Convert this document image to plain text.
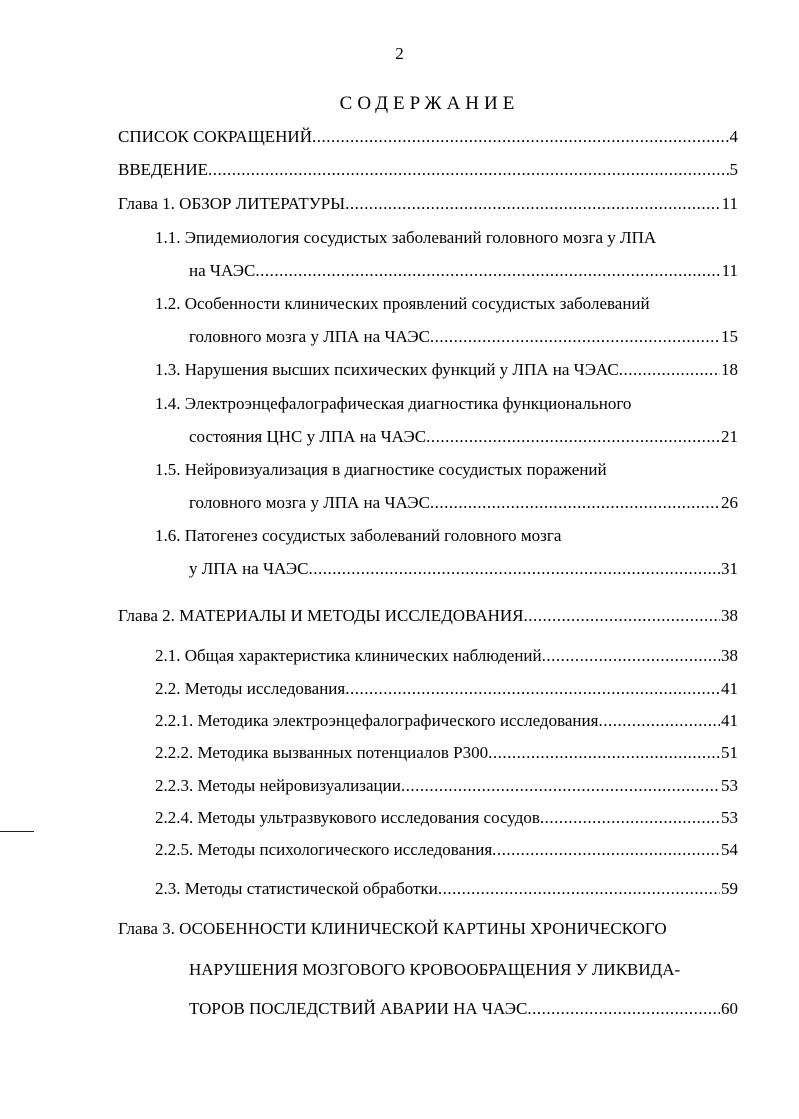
2
СОДЕРЖАНИЕ
СПИСОК СОКРАЩЕНИЙ .....	4
ВВЕДЕНИЕ .....	5
Глава 1. ОБЗОР ЛИТЕРАТУРЫ .....	11
1.1. Эпидемиология сосудистых заболеваний головного мозга у ЛПА
на ЧАЭС .....	11
1.2. Особенности клинических проявлений сосудистых заболеваний
головного мозга у ЛПА на ЧАЭС .....	15
1.3. Нарушения высших психических функций у ЛПА на ЧЭАС .....	18
1.4. Электроэнцефалографическая диагностика функционального
состояния ЦНС у ЛПА на ЧАЭС .....	21
1.5. Нейровизуализация в диагностике сосудистых поражений
головного мозга у ЛПА на ЧАЭС .....	26
1.6. Патогенез сосудистых заболеваний головного мозга
у ЛПА на ЧАЭС .....	31
Глава 2. МАТЕРИАЛЫ И МЕТОДЫ ИССЛЕДОВАНИЯ .....	38
2.1. Общая характеристика клинических наблюдений .....	38
2.2. Методы исследования .....	41
2.2.1. Методика электроэнцефалографического исследования .....	41
2.2.2. Методика вызванных потенциалов Р300 .....	51
2.2.3. Методы нейровизуализации .....	53
2.2.4. Методы ультразвукового исследования сосудов .....	53
2.2.5. Методы психологического исследования .....	54
2.3. Методы статистической обработки .....	59
Глава 3. ОСОБЕННОСТИ КЛИНИЧЕСКОЙ КАРТИНЫ ХРОНИЧЕСКОГО
НАРУШЕНИЯ МОЗГОВОГО КРОВООБРАЩЕНИЯ У ЛИКВИДА-
ТОРОВ ПОСЛЕДСТВИЙ АВАРИИ НА ЧАЭС .....	60
